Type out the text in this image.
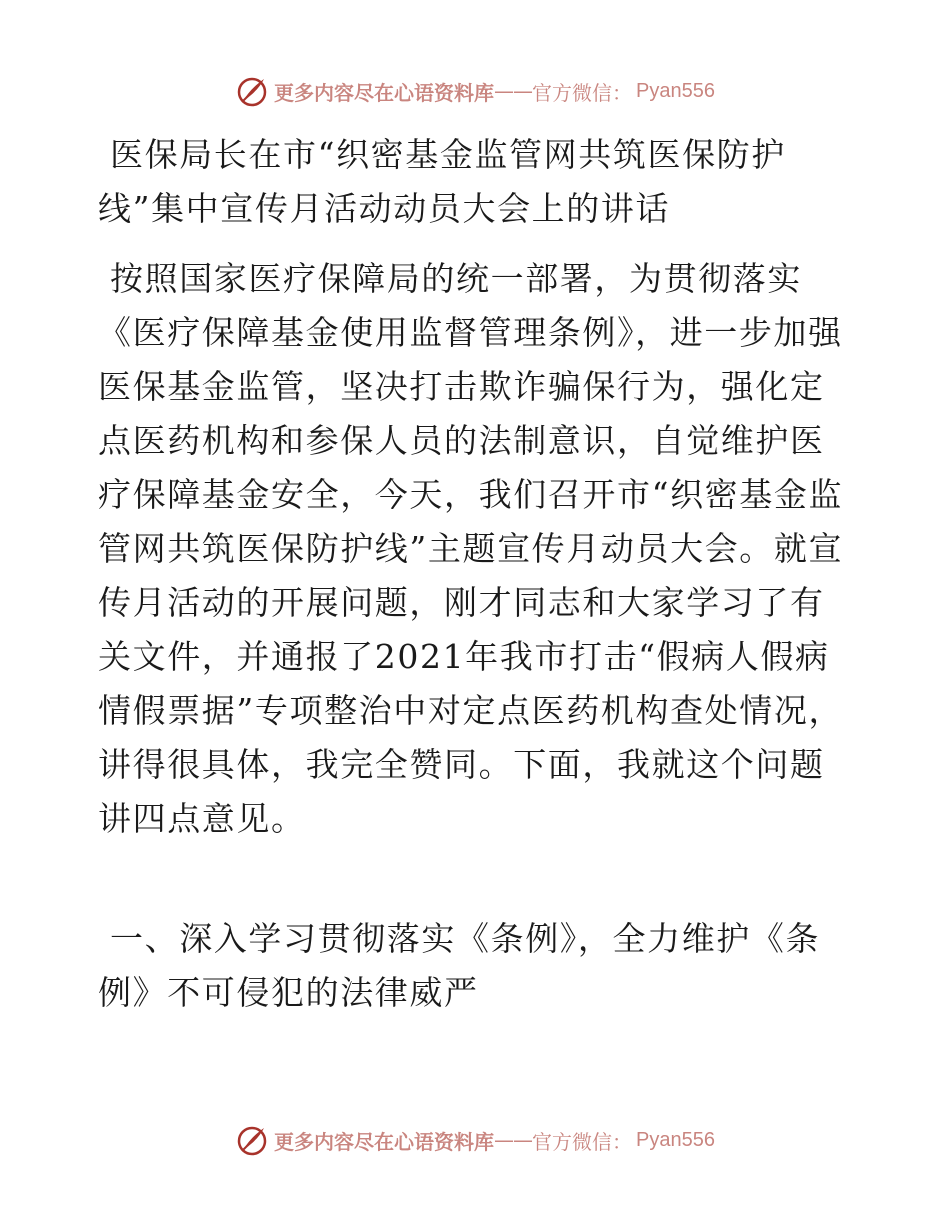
更多内容尽在心语资料库 —— 官方微信： Pyan556

医保局长在市“织密基金监管网共筑医保防护线”集中宣传月活动动员大会上的讲话

按照国家医疗保障局的统一部署，为贯彻落实《医疗保障基金使用监督管理条例》，进一步加强医保基金监管，坚决打击欺诈骗保行为，强化定点医药机构和参保人员的法制意识，自觉维护医疗保障基金安全，今天，我们召开市“织密基金监管网共筑医保防护线”主题宣传月动员大会。就宣传月活动的开展问题，刚才同志和大家学习了有关文件，并通报了2021年我市打击“假病人假病情假票据”专项整治中对定点医药机构查处情况，讲得很具体，我完全赞同。下面，我就这个问题讲四点意见。

一、深入学习贯彻落实《条例》，全力维护《条例》不可侵犯的法律威严

更多内容尽在心语资料库 —— 官方微信： Pyan556
